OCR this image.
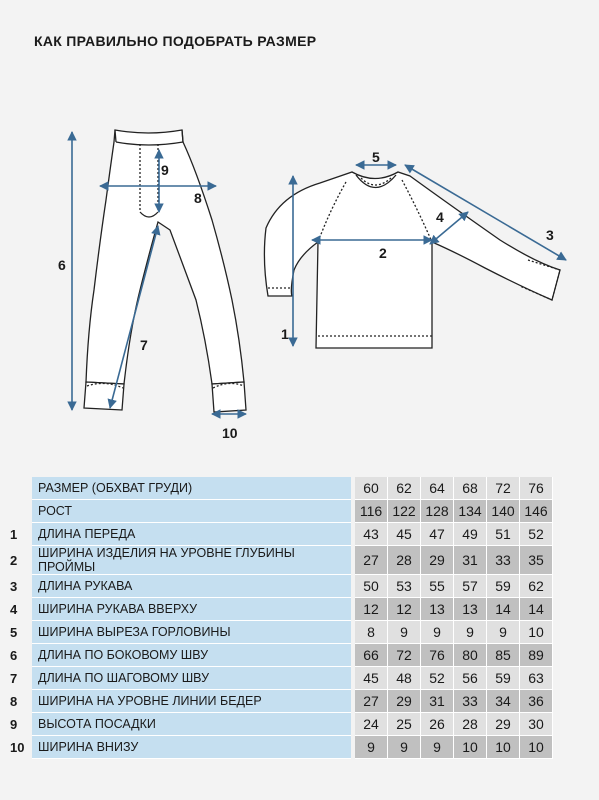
КАК ПРАВИЛЬНО ПОДОБРАТЬ РАЗМЕР
9
8
6
7
10
5
4
3
2
1
	РАЗМЕР (ОБХВАТ ГРУДИ)		60	62	64	68	72	76
	РОСТ		116	122	128	134	140	146
1	ДЛИНА ПЕРЕДА		43	45	47	49	51	52
2	ШИРИНА ИЗДЕЛИЯ НА УРОВНЕ ГЛУБИНЫ ПРОЙМЫ		27	28	29	31	33	35
3	ДЛИНА РУКАВА		50	53	55	57	59	62
4	ШИРИНА РУКАВА ВВЕРХУ		12	12	13	13	14	14
5	ШИРИНА ВЫРЕЗА ГОРЛОВИНЫ		8	9	9	9	9	10
6	ДЛИНА ПО БОКОВОМУ ШВУ		66	72	76	80	85	89
7	ДЛИНА ПО ШАГОВОМУ ШВУ		45	48	52	56	59	63
8	ШИРИНА НА УРОВНЕ ЛИНИИ БЕДЕР		27	29	31	33	34	36
9	ВЫСОТА ПОСАДКИ		24	25	26	28	29	30
10	ШИРИНА ВНИЗУ		9	9	9	10	10	10
